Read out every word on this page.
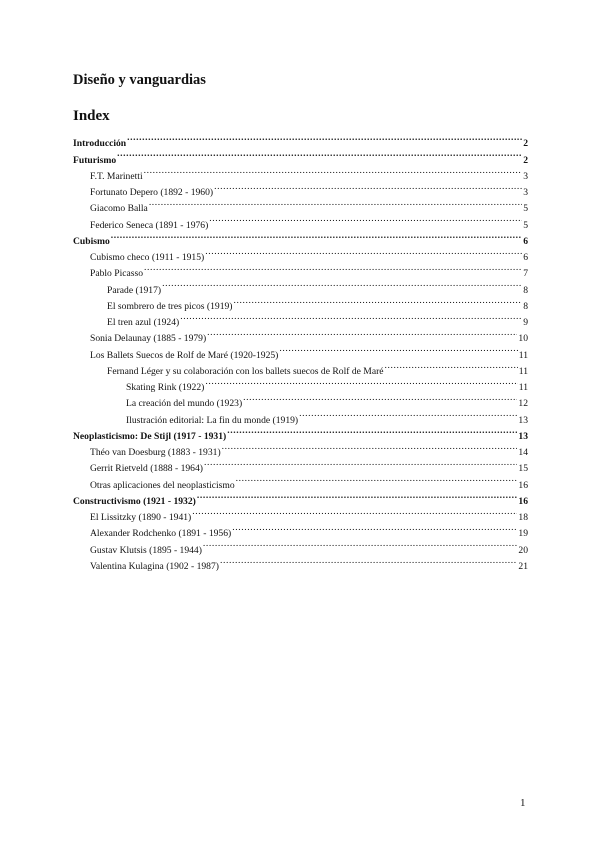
Diseño y vanguardias
Index
Introducción .....	2
Futurismo .....	2
F.T. Marinetti .....	3
Fortunato Depero (1892 - 1960) .....	3
Giacomo Balla .....	5
Federico Seneca (1891 - 1976) .....	5
Cubismo .....	6
Cubismo checo (1911 - 1915) .....	6
Pablo Picasso .....	7
Parade (1917) .....	8
El sombrero de tres picos (1919) .....	8
El tren azul (1924) .....	9
Sonia Delaunay (1885 - 1979) .....	10
Los Ballets Suecos de Rolf de Maré (1920-1925) .....	11
Fernand Léger y su colaboración con los ballets suecos de Rolf de Maré .....	11
Skating Rink (1922) .....	11
La creación del mundo (1923) .....	12
Ilustración editorial: La fin du monde (1919) .....	13
Neoplasticismo: De Stijl (1917 - 1931) .....	13
Théo van Doesburg (1883 - 1931) .....	14
Gerrit Rietveld (1888 - 1964) .....	15
Otras aplicaciones del neoplasticismo .....	16
Constructivismo (1921 - 1932) .....	16
El Lissitzky (1890 - 1941) .....	18
Alexander Rodchenko (1891 - 1956) .....	19
Gustav Klutsis (1895 - 1944) .....	20
Valentina Kulagina (1902 - 1987) .....	21
1
